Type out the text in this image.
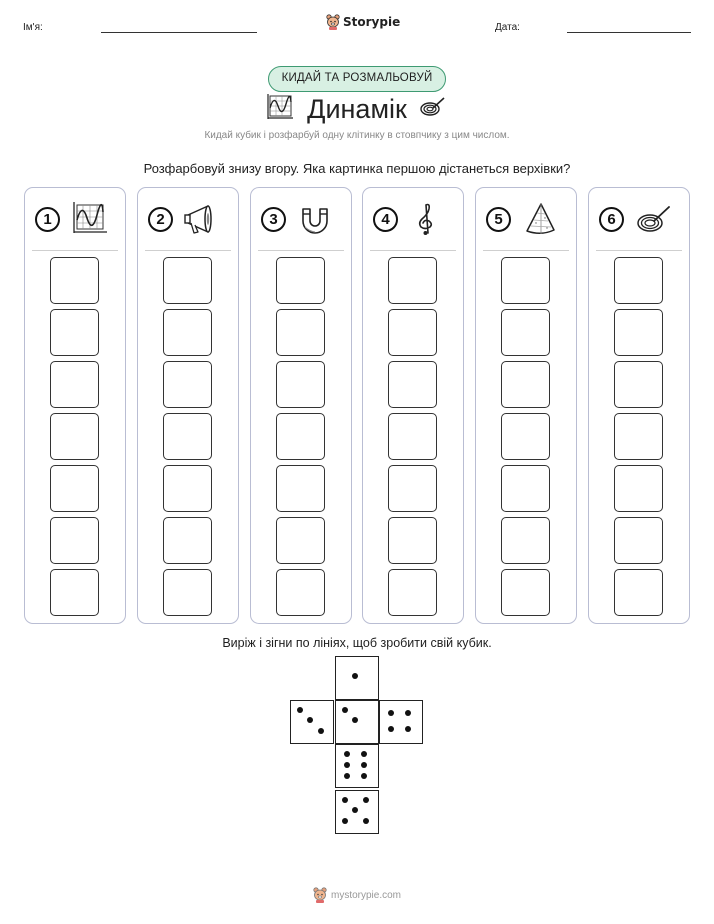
Ім'я:	Storypie	Дата:
КИДАЙ ТА РОЗМАЛЬОВУЙ
Динамік
Кидай кубик і розфарбуй одну клітинку в стовпчику з цим числом.
Розфарбовуй знизу вгору. Яка картинка першою дістанеться верхівки?
1	2	3	4	5	6
Виріж і зігни по лініях, щоб зробити свій кубик.
mystorypie.com
